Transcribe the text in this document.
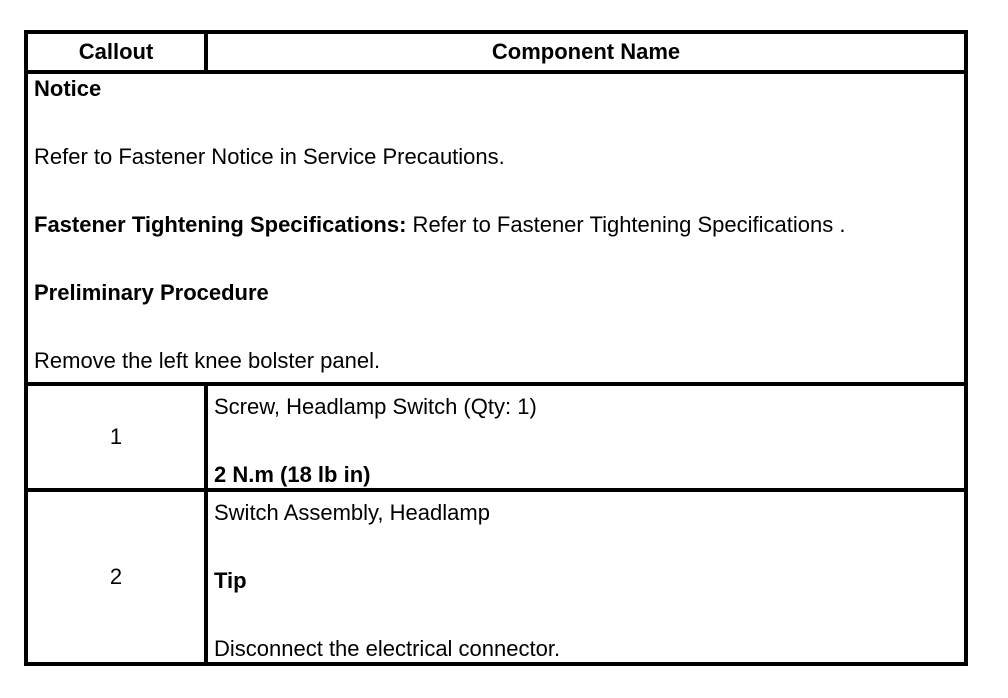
Callout	Component Name

Notice
Refer to Fastener Notice in Service Precautions.
Fastener Tightening Specifications: Refer to Fastener Tightening Specifications .
Preliminary Procedure
Remove the left knee bolster panel.	

1	Screw, Headlamp Switch (Qty: 1)
2 N.m (18 lb in)

2	Switch Assembly, Headlamp
Tip
Disconnect the electrical connector.
